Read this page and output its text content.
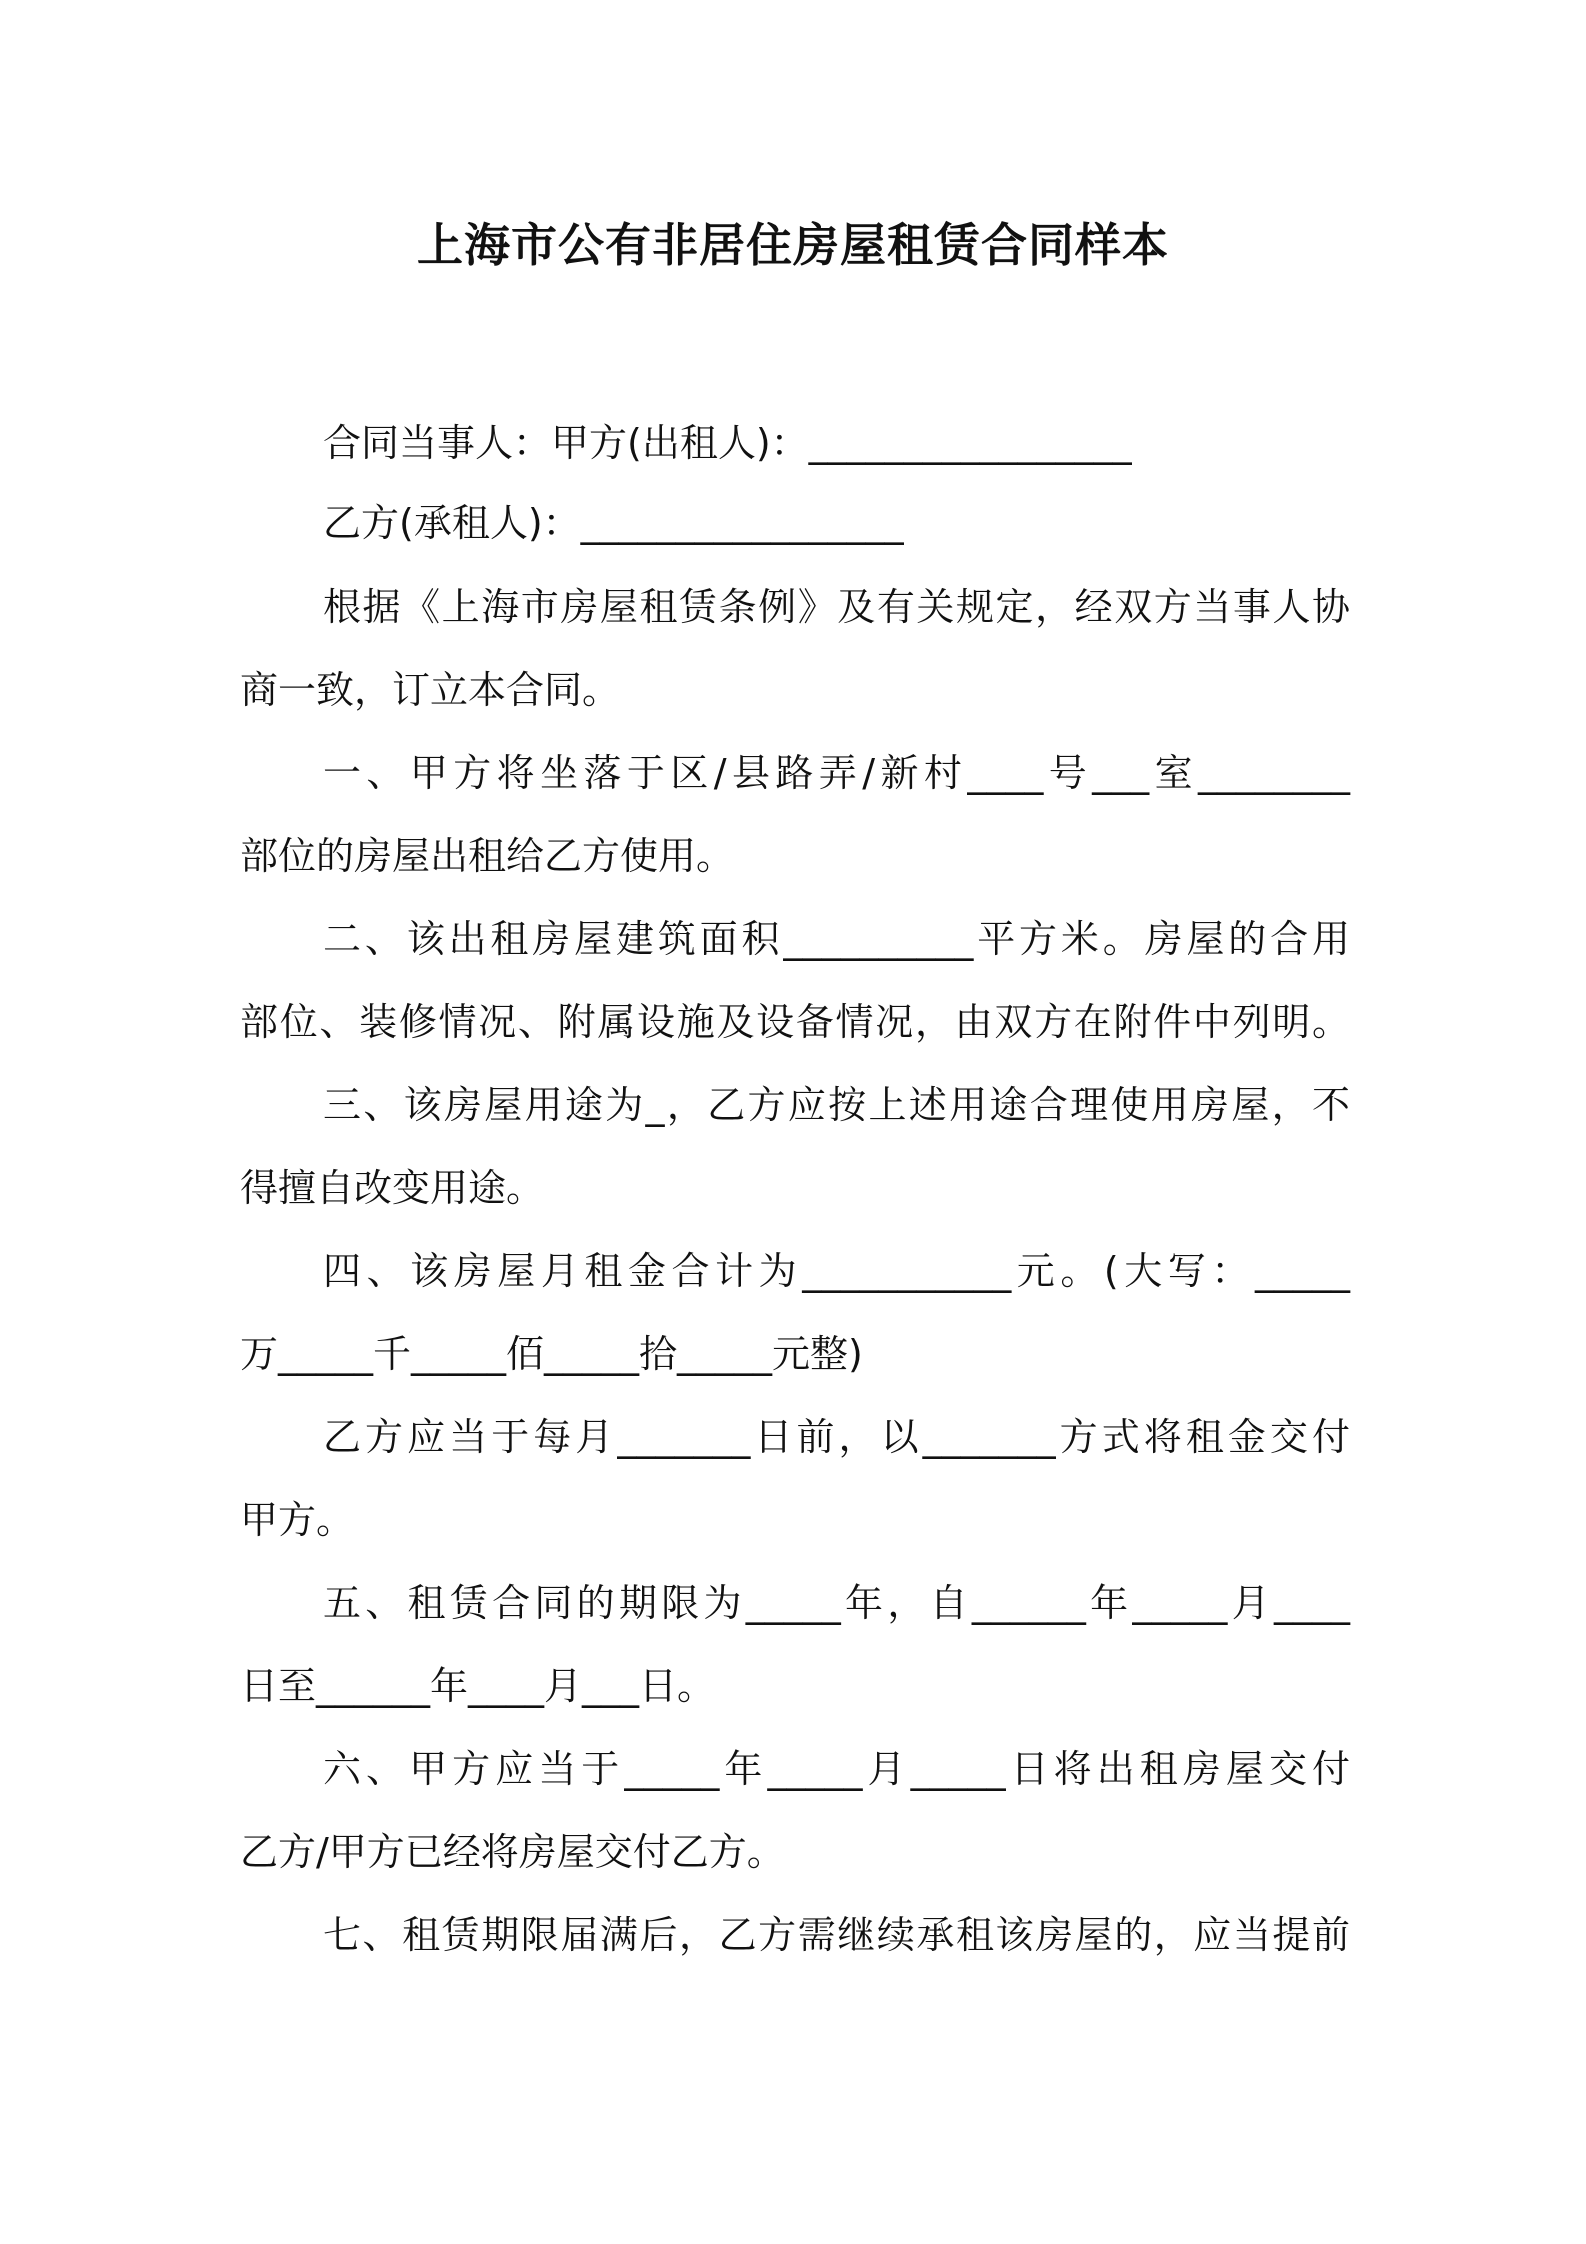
上海市公有非居住房屋租赁合同样本
合同当事人：甲方(出租人)：_________________
乙方(承租人)：_________________
根据《上海市房屋租赁条例》及有关规定，经双方当事人协
商一致，订立本合同。
一、甲方将坐落于区/县路弄/新村____号___室________
部位的房屋出租给乙方使用。
二、该出租房屋建筑面积__________平方米。房屋的合用
部位、装修情况、附属设施及设备情况，由双方在附件中列明。
三、该房屋用途为_，乙方应按上述用途合理使用房屋，不
得擅自改变用途。
四、该房屋月租金合计为___________元。(大写：_____
万_____千_____佰_____拾_____元整)
乙方应当于每月_______日前，以_______方式将租金交付
甲方。
五、租赁合同的期限为_____年，自______年_____月____
日至______年____月___日。
六、甲方应当于_____年_____月_____日将出租房屋交付
乙方/甲方已经将房屋交付乙方。
七、租赁期限届满后，乙方需继续承租该房屋的，应当提前
